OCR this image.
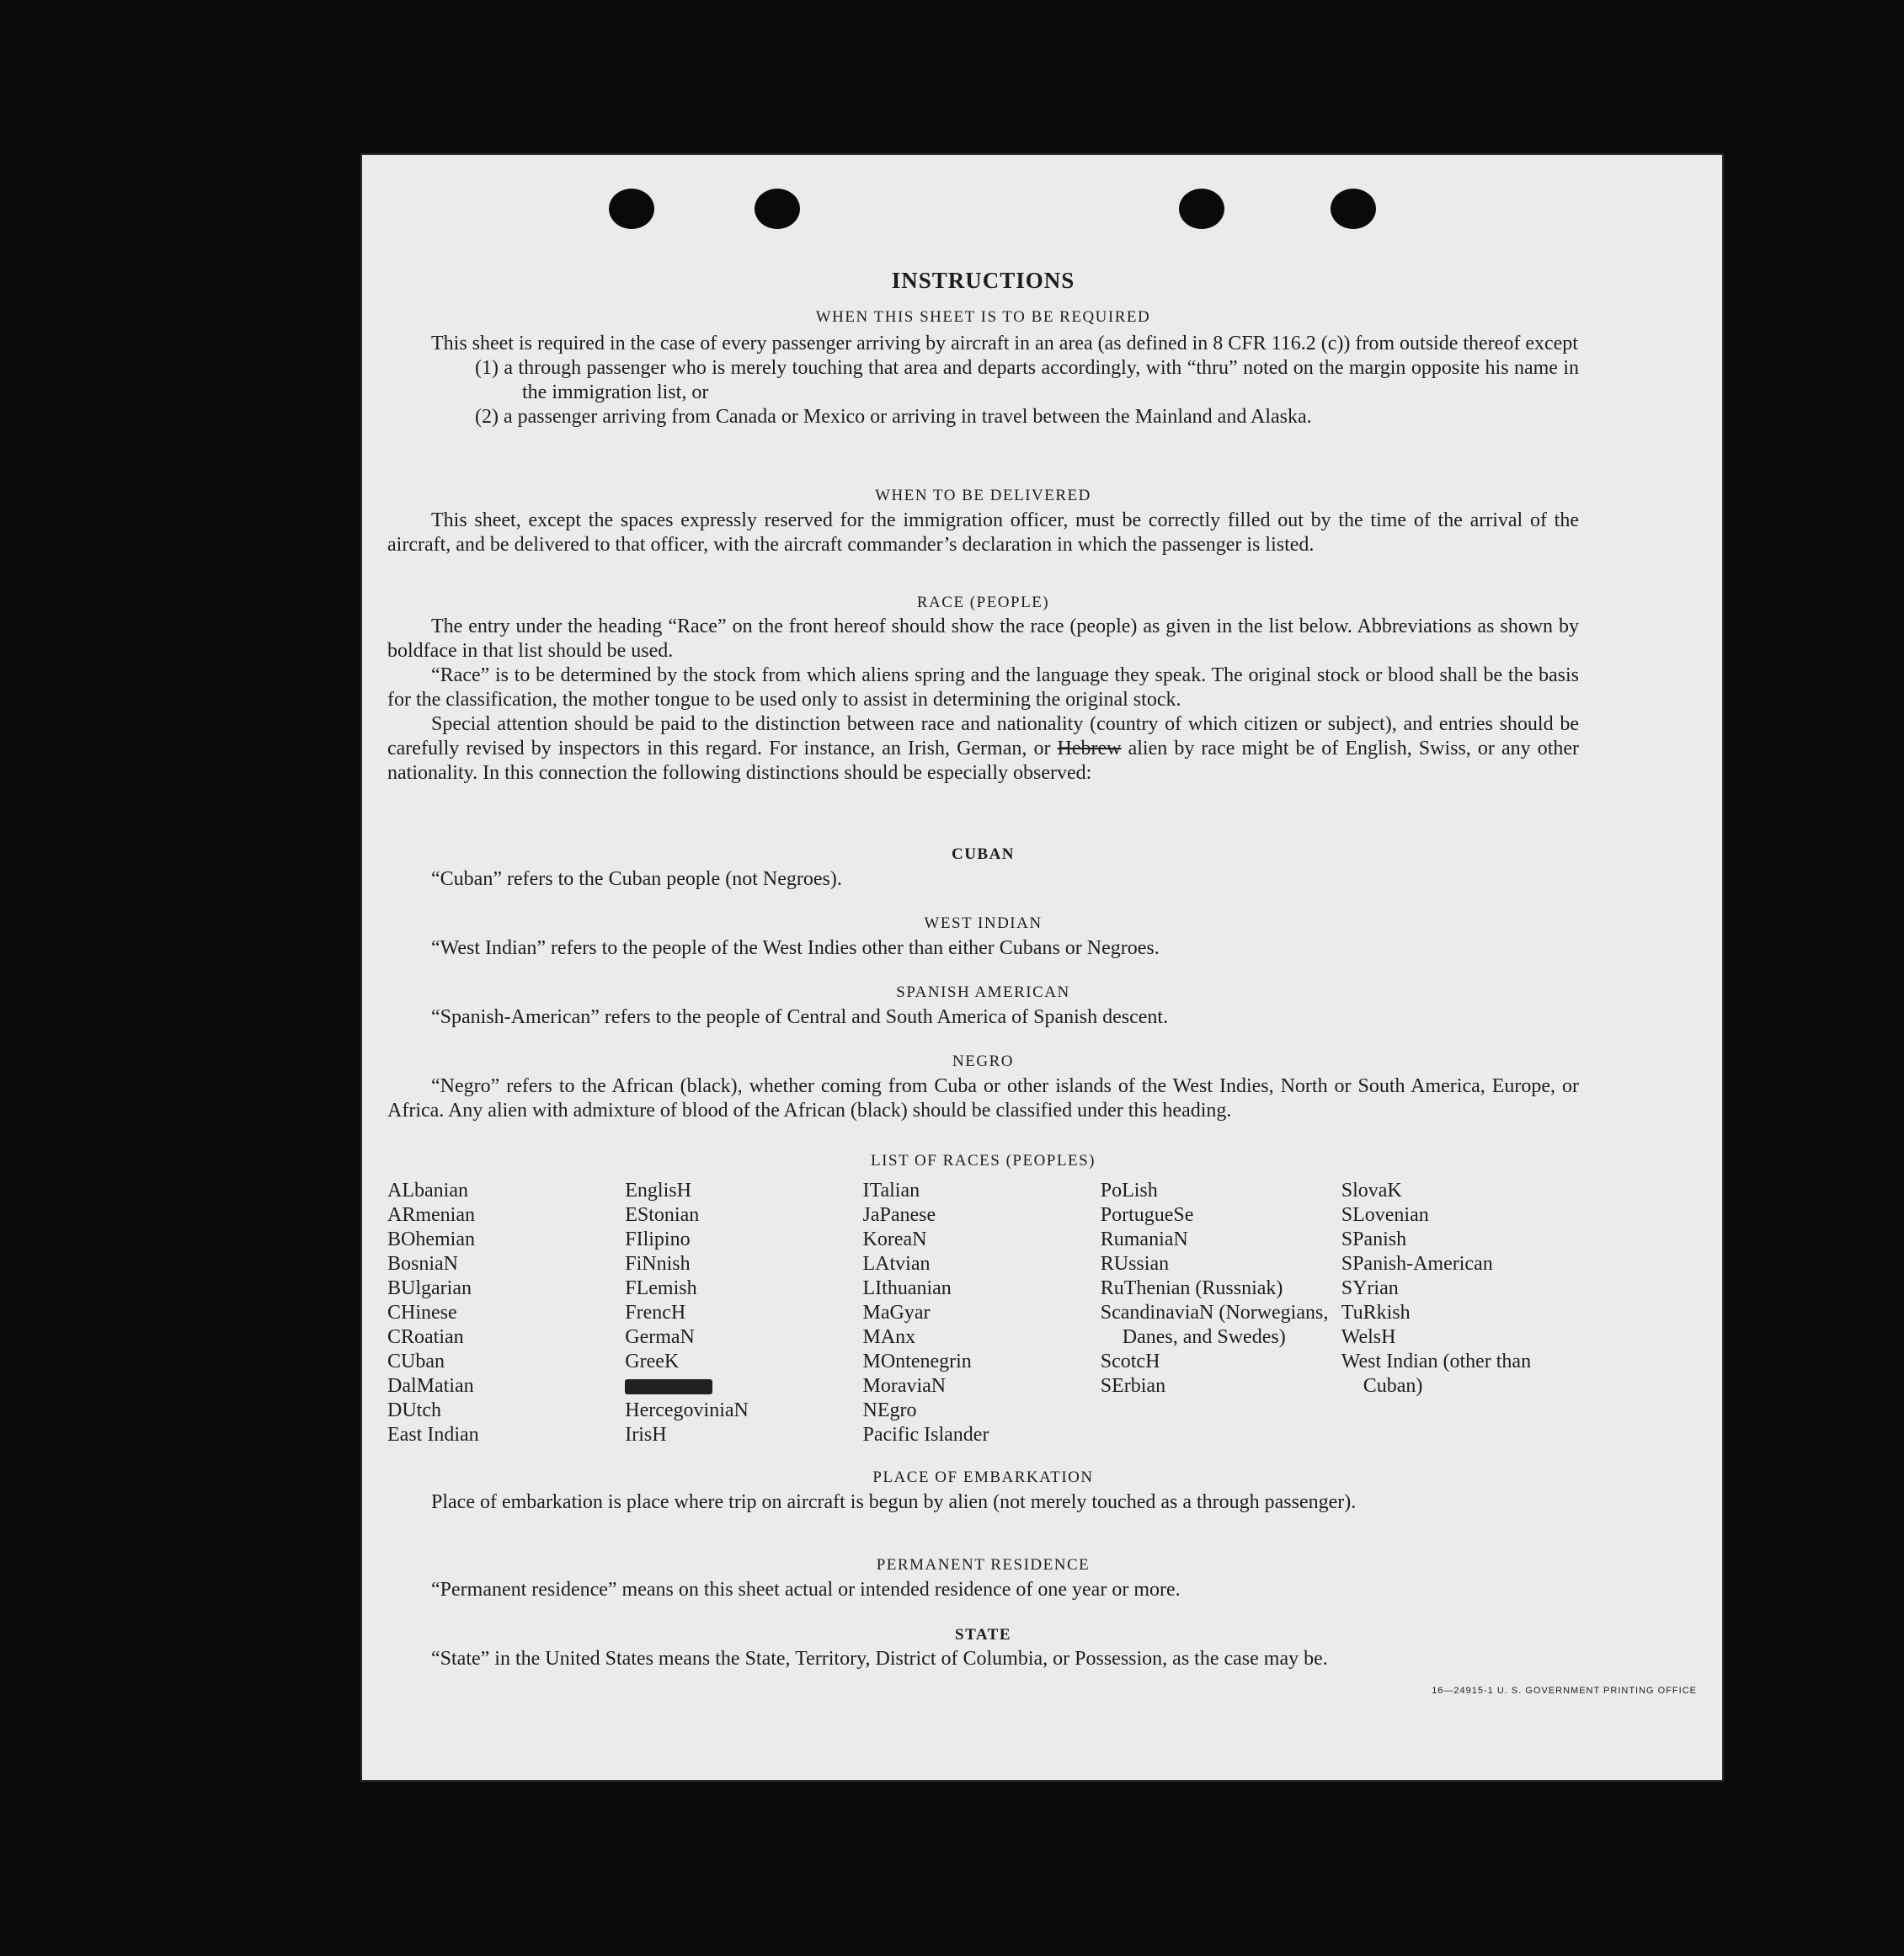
INSTRUCTIONS
WHEN THIS SHEET IS TO BE REQUIRED

This sheet is required in the case of every passenger arriving by aircraft in an area (as defined in 8 CFR 116.2 (c)) from outside thereof except

(1) a through passenger who is merely touching that area and departs accordingly, with “thru” noted on the margin opposite his name in the immigration list, or

(2) a passenger arriving from Canada or Mexico or arriving in travel between the Mainland and Alaska.

WHEN TO BE DELIVERED

This sheet, except the spaces expressly reserved for the immigration officer, must be correctly filled out by the time of the arrival of the aircraft, and be delivered to that officer, with the aircraft commander’s declaration in which the passenger is listed.

RACE (PEOPLE)

The entry under the heading “Race” on the front hereof should show the race (people) as given in the list below. Abbreviations as shown by boldface in that list should be used.

“Race” is to be determined by the stock from which aliens spring and the language they speak. The original stock or blood shall be the basis for the classification, the mother tongue to be used only to assist in determining the original stock.

Special attention should be paid to the distinction between race and nationality (country of which citizen or subject), and entries should be carefully revised by inspectors in this regard. For instance, an Irish, German, or Hebrew alien by race might be of English, Swiss, or any other nationality. In this connection the following distinctions should be especially observed:

CUBAN

“Cuban” refers to the Cuban people (not Negroes).

WEST INDIAN

“West Indian” refers to the people of the West Indies other than either Cubans or Negroes.

SPANISH AMERICAN

“Spanish-American” refers to the people of Central and South America of Spanish descent.

NEGRO

“Negro” refers to the African (black), whether coming from Cuba or other islands of the West Indies, North or South America, Europe, or Africa. Any alien with admixture of blood of the African (black) should be classified under this heading.

LIST OF RACES (PEOPLES)
ALbanian
ARmenian
BOhemian
BosniaN
BUlgarian
CHinese
CRoatian
CUban
DalMatian
DUtch
East Indian
EnglisH
EStonian
FIlipino
FiNnish
FLemish
FrencH
GermaN
GreeK
HercegoviniaN
IrisH
ITalian
JaPanese
KoreaN
LAtvian
LIthuanian
MaGyar
MAnx
MOntenegrin
MoraviaN
NEgro
Pacific Islander
PoLish
PortugueSe
RumaniaN
RUssian
RuThenian (Russniak)
ScandinaviaN (Norwegians, Danes, and Swedes)
ScotcH
SErbian
SlovaK
SLovenian
SPanish
SPanish-American
SYrian
TuRkish
WelsH
West Indian (other than Cuban)
PLACE OF EMBARKATION

Place of embarkation is place where trip on aircraft is begun by alien (not merely touched as a through passenger).

PERMANENT RESIDENCE

“Permanent residence” means on this sheet actual or intended residence of one year or more.

STATE

“State” in the United States means the State, Territory, District of Columbia, or Possession, as the case may be.

16—24915-1 U. S. GOVERNMENT PRINTING OFFICE
